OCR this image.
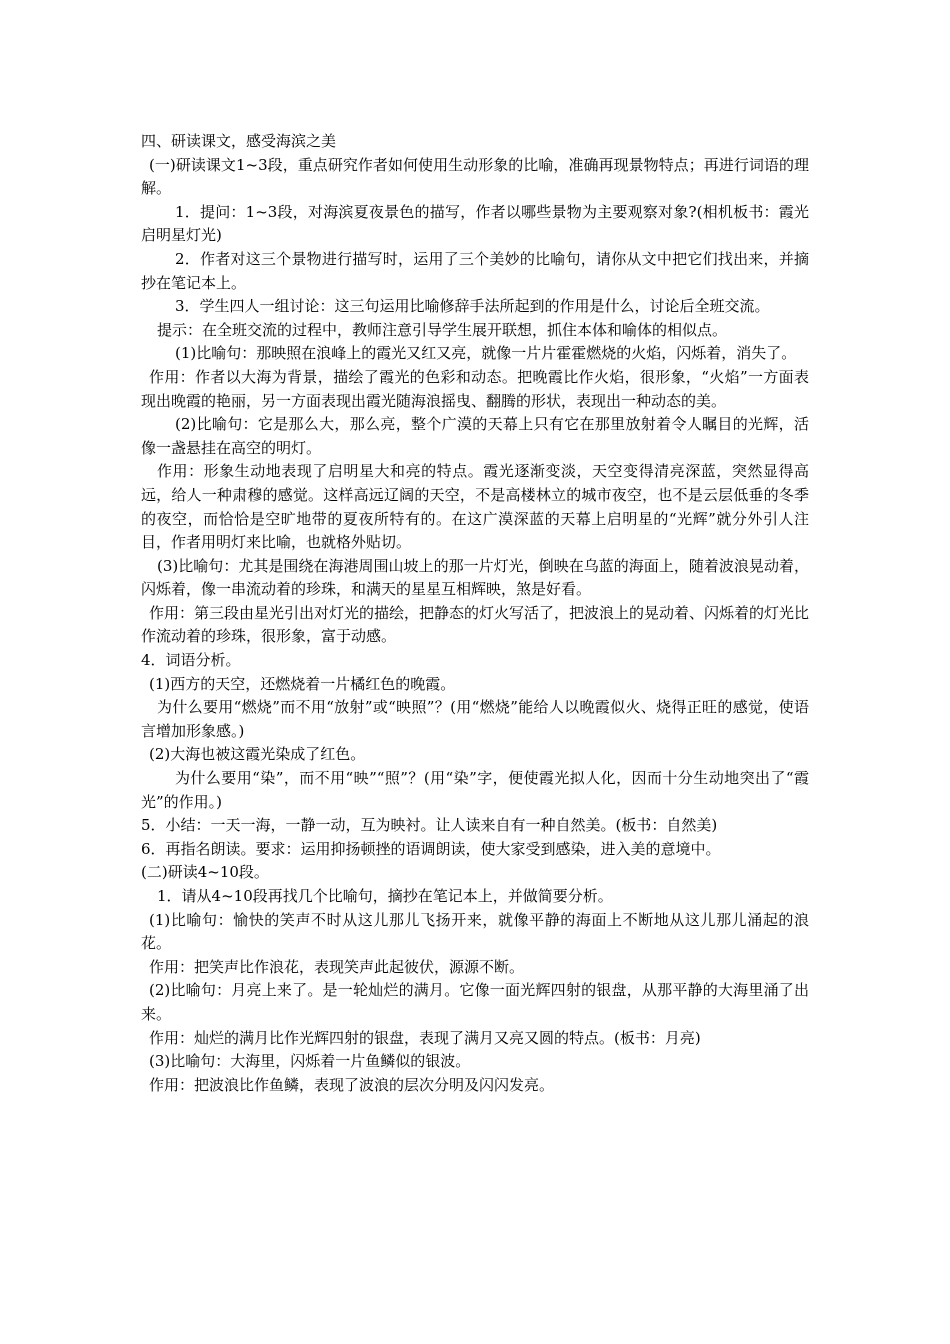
四、研读课文，感受海滨之美

(一)研读课文1~3段，重点研究作者如何使用生动形象的比喻，准确再现景物特点；再进行词语的理解。

1．提问：1~3段，对海滨夏夜景色的描写，作者以哪些景物为主要观察对象?(相机板书：霞光启明星灯光)

2．作者对这三个景物进行描写时，运用了三个美妙的比喻句，请你从文中把它们找出来，并摘抄在笔记本上。

3．学生四人一组讨论：这三句运用比喻修辞手法所起到的作用是什么，讨论后全班交流。

提示：在全班交流的过程中，教师注意引导学生展开联想，抓住本体和喻体的相似点。

(1)比喻句：那映照在浪峰上的霞光又红又亮，就像一片片霍霍燃烧的火焰，闪烁着，消失了。

作用：作者以大海为背景，描绘了霞光的色彩和动态。把晚霞比作火焰，很形象，“火焰”一方面表现出晚霞的艳丽，另一方面表现出霞光随海浪摇曳、翻腾的形状，表现出一种动态的美。

(2)比喻句：它是那么大，那么亮，整个广漠的天幕上只有它在那里放射着令人瞩目的光辉，活像一盏悬挂在高空的明灯。

作用：形象生动地表现了启明星大和亮的特点。霞光逐渐变淡，天空变得清亮深蓝，突然显得高远，给人一种肃穆的感觉。这样高远辽阔的天空，不是高楼林立的城市夜空，也不是云层低垂的冬季的夜空，而恰恰是空旷地带的夏夜所特有的。在这广漠深蓝的天幕上启明星的“光辉”就分外引人注目，作者用明灯来比喻，也就格外贴切。

(3)比喻句：尤其是围绕在海港周围山坡上的那一片灯光，倒映在乌蓝的海面上，随着波浪晃动着，闪烁着，像一串流动着的珍珠，和满天的星星互相辉映，煞是好看。

作用：第三段由星光引出对灯光的描绘，把静态的灯火写活了，把波浪上的晃动着、闪烁着的灯光比作流动着的珍珠，很形象，富于动感。

4．词语分析。

(1)西方的天空，还燃烧着一片橘红色的晚霞。

为什么要用“燃烧”而不用“放射”或“映照”？(用“燃烧”能给人以晚霞似火、烧得正旺的感觉，使语言增加形象感。)

(2)大海也被这霞光染成了红色。

为什么要用“染”，而不用“映”“照”？(用“染”字，便使霞光拟人化，因而十分生动地突出了“霞光”的作用。)

5．小结：一天一海，一静一动，互为映衬。让人读来自有一种自然美。(板书：自然美)

6．再指名朗读。要求：运用抑扬顿挫的语调朗读，使大家受到感染，进入美的意境中。

(二)研读4~10段。

1．请从4~10段再找几个比喻句，摘抄在笔记本上，并做简要分析。

(1)比喻句：愉快的笑声不时从这儿那儿飞扬开来，就像平静的海面上不断地从这儿那儿涌起的浪花。

作用：把笑声比作浪花，表现笑声此起彼伏，源源不断。

(2)比喻句：月亮上来了。是一轮灿烂的满月。它像一面光辉四射的银盘，从那平静的大海里涌了出来。

作用：灿烂的满月比作光辉四射的银盘，表现了满月又亮又圆的特点。(板书：月亮)

(3)比喻句：大海里，闪烁着一片鱼鳞似的银波。

作用：把波浪比作鱼鳞，表现了波浪的层次分明及闪闪发亮。
